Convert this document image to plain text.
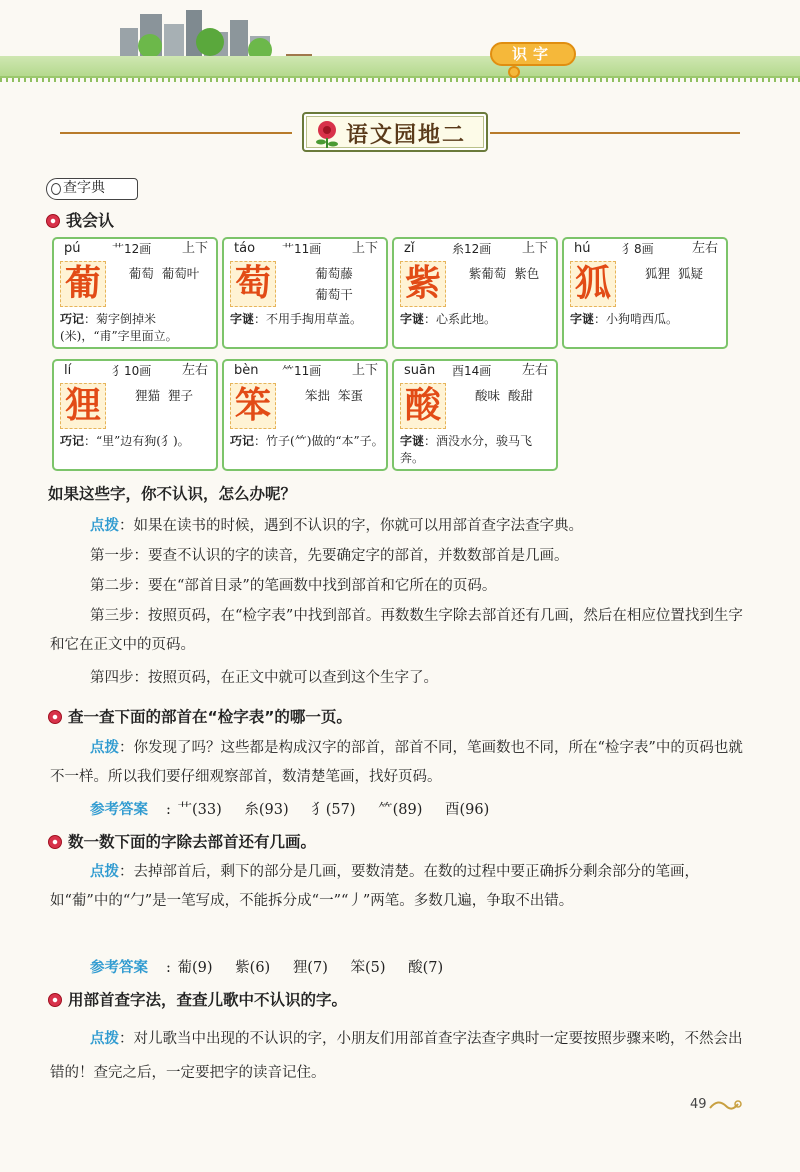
识字
语文园地二
查字典
我会认
pú	艹12画 上下
葡	葡萄 葡萄叶
巧记：菊字倒掉米(米)，“甫”字里面立。
táo 艹11画 上下
萄	葡萄藤
葡萄干
字谜：不用手掏用草盖。
zǐ	糸12画 上下
紫	紫葡萄 紫色
字谜：心系此地。
hú	犭8画	左右
狐	狐狸 狐疑
字谜：小狗啃西瓜。
lí	犭10画 左右
狸	狸猫 狸子
巧记：“里”边有狗(犭)。
bèn ⺮11画 上下
笨	笨拙 笨蛋
巧记：竹子(⺮)做的“本”子。
suān 酉14画 左右
酸	酸味 酸甜
字谜：酒没水分，骏马飞奔。
如果这些字，你不认识，怎么办呢？
点拨：如果在读书的时候，遇到不认识的字，你就可以用部首查字法查字典。
第一步：要查不认识的字的读音，先要确定字的部首，并数数部首是几画。
第二步：要在“部首目录”的笔画数中找到部首和它所在的页码。
第三步：按照页码，在“检字表”中找到部首。再数数生字除去部首还有几画，然后在相应位置找到生字和它在正文中的页码。
第四步：按照页码，在正文中就可以查到这个生字了。
查一查下面的部首在“检字表”的哪一页。
点拨：你发现了吗？这些都是构成汉字的部首，部首不同，笔画数也不同，所在“检字表”中的页码也就不一样。所以我们要仔细观察部首，数清楚笔画，找好页码。
参考答案 : 艹(33) 糸(93) 犭(57) ⺮(89) 酉(96)
数一数下面的字除去部首还有几画。
点拨：去掉部首后，剩下的部分是几画，要数清楚。在数的过程中要正确拆分剩余部分的笔画，如“葡”中的“勹”是一笔写成，不能拆分成“一”“丿”两笔。多数几遍，争取不出错。
参考答案 : 葡(9) 紫(6) 狸(7) 笨(5) 酸(7)
用部首查字法，查查儿歌中不认识的字。
点拨：对儿歌当中出现的不认识的字，小朋友们用部首查字法查字典时一定要按照步骤来哟，不然会出错的！查完之后，一定要把字的读音记住。
49
